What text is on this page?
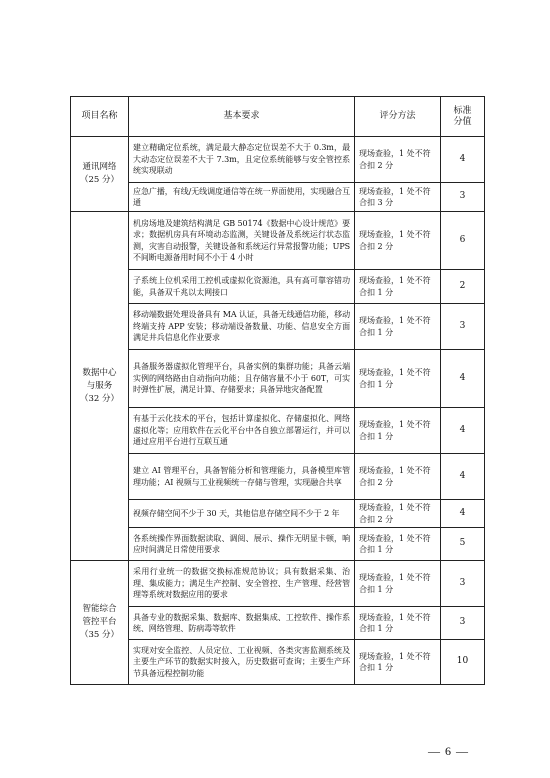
项目名称	基本要求	评分方法	标准
分值

通讯网络
（25 分）	建立精确定位系统，满足最大静态定位误差不大于 0.3m，最大动态定位误差不大于 7.3m，且定位系统能够与安全管控系统实现联动	现场查验，1 处不符合扣 2 分	4
	应急广播，有线/无线调度通信等在统一界面使用，实现融合互通	现场查验，1 处不符合扣 3 分	3

数据中心
与服务
（32 分）	机房场地及建筑结构满足 GB 50174《数据中心设计规范》要求；数据机房具有环境动态监测，关键设备及系统运行状态监测，灾害自动报警，关键设备和系统运行异常报警功能；UPS 不间断电源备用时间不小于 4 小时	现场查验，1 处不符合扣 2 分	6
	子系统上位机采用工控机或虚拟化资源池，具有高可靠容错功能，具备双千兆以太网接口	现场查验，1 处不符合扣 1 分	2
	移动端数据处理设备具有 MA 认证，具备无线通信功能，移动终端支持 APP 安装；移动端设备数量、功能、信息安全方面满足井兵信息化作业要求	现场查验，1 处不符合扣 1 分	3
	具备服务器虚拟化管理平台，具备实例的集群功能；具备云端实例的网络路由自动指向功能；且存储容量不小于 60T，可实时弹性扩展，满足计算、存储要求；具备异地灾备配置	现场查验，1 处不符合扣 1 分	4
	有基于云化技术的平台，包括计算虚拟化、存储虚拟化、网络虚拟化等；应用软件在云化平台中各自独立部署运行，并可以通过应用平台进行互联互通	现场查验，1 处不符合扣 1 分	4
	建立 AI 管理平台，具备智能分析和管理能力，具备模型库管理功能；AI 视频与工业视频统一存储与管理，实现融合共享	现场查验，1 处不符合扣 2 分	4
	视频存储空间不少于 30 天，其他信息存储空间不少于 2 年	现场查验，1 处不符合扣 2 分	4
	各系统操作界面数据读取、调阅、展示、操作无明显卡顿，响应时间满足日常使用要求	现场查验，1 处不符合扣 1 分	5

智能综合
管控平台
（35 分）	采用行业统一的数据交换标准规范协议；具有数据采集、治理、集成能力；满足生产控制、安全管控、生产管理、经营管理等系统对数据应用的要求	现场查验，1 处不符合扣 1 分	3
	具备专业的数据采集、数据库、数据集成、工控软件、操作系统、网络管理、防病毒等软件	现场查验，1 处不符合扣 1 分	3
	实现对安全监控、人员定位、工业视频、各类灾害监测系统及主要生产环节的数据实时接入，历史数据可查询；主要生产环节具备远程控制功能	现场查验，1 处不符合扣 1 分	10
— 6 —
